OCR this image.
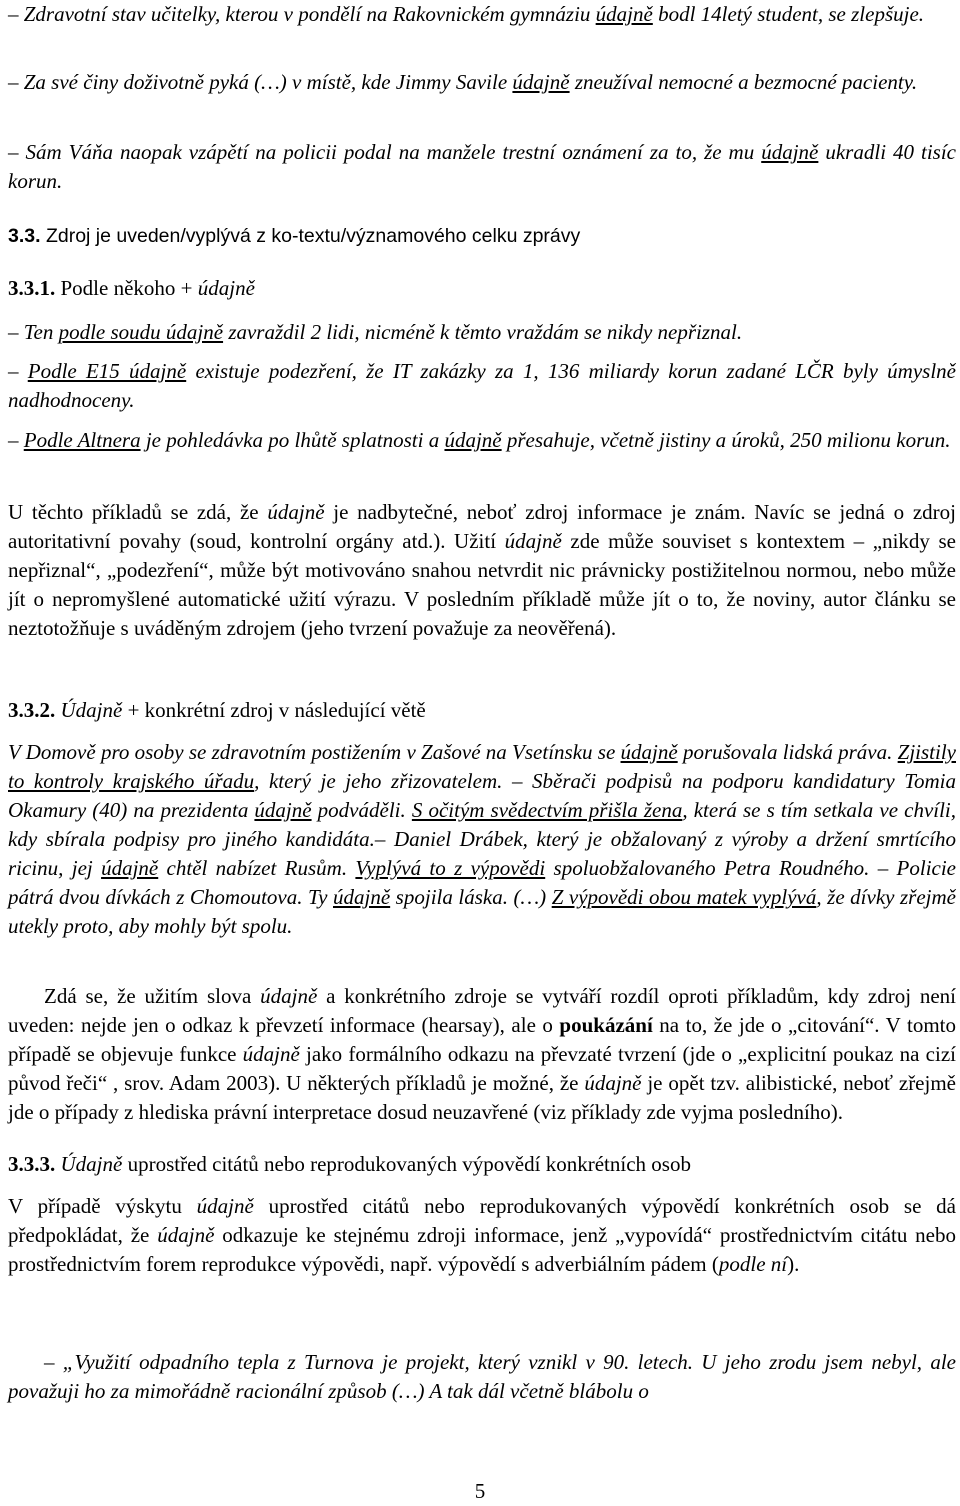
– Zdravotní stav učitelky, kterou v pondělí na Rakovnickém gymnáziu údajně bodl 14letý student, se zlepšuje.

– Za své činy doživotně pyká (…) v místě, kde Jimmy Savile údajně zneužíval nemocné a bezmocné pacienty.

– Sám Váňa naopak vzápětí na policii podal na manžele trestní oznámení za to, že mu údajně ukradli 40 tisíc korun.

3.3. Zdroj je uveden/vyplývá z ko-textu/významového celku zprávy

3.3.1. Podle někoho + údajně

– Ten podle soudu údajně zavraždil 2 lidi, nicméně k těmto vraždám se nikdy nepřiznal.

– Podle E15 údajně existuje podezření, že IT zakázky za 1, 136 miliardy korun zadané LČR byly úmyslně nadhodnoceny.

– Podle Altnera je pohledávka po lhůtě splatnosti a údajně přesahuje, včetně jistiny a úroků, 250 milionu korun.

U těchto příkladů se zdá, že údajně je nadbytečné, neboť zdroj informace je znám. Navíc se jedná o zdroj autoritativní povahy (soud, kontrolní orgány atd.). Užití údajně zde může souviset s kontextem – „nikdy se nepřiznal“, „podezření“, může být motivováno snahou netvrdit nic právnicky postižitelnou normou, nebo může jít o nepromyšlené automatické užití výrazu. V posledním příkladě může jít o to, že noviny, autor článku se neztotožňuje s uváděným zdrojem (jeho tvrzení považuje za neověřená).

3.3.2. Údajně + konkrétní zdroj v následující větě

V Domově pro osoby se zdravotním postižením v Zašové na Vsetínsku se údajně porušovala lidská práva. Zjistily to kontroly krajského úřadu, který je jeho zřizovatelem. – Sběrači podpisů na podporu kandidatury Tomia Okamury (40) na prezidenta údajně podváděli. S očitým svědectvím přišla žena, která se s tím setkala ve chvíli, kdy sbírala podpisy pro jiného kandidáta.– Daniel Drábek, který je obžalovaný z výroby a držení smrtícího ricinu, jej údajně chtěl nabízet Rusům. Vyplývá to z výpovědi spoluobžalovaného Petra Roudného. – Policie pátrá dvou dívkách z Chomoutova. Ty údajně spojila láska. (…) Z výpovědi obou matek vyplývá, že dívky zřejmě utekly proto, aby mohly být spolu.

Zdá se, že užitím slova údajně a konkrétního zdroje se vytváří rozdíl oproti příkladům, kdy zdroj není uveden: nejde jen o odkaz k převzetí informace (hearsay), ale o poukázání na to, že jde o „citování“. V tomto případě se objevuje funkce údajně jako formálního odkazu na převzaté tvrzení (jde o „explicitní poukaz na cizí původ řeči“ , srov. Adam 2003). U některých příkladů je možné, že údajně je opět tzv. alibistické, neboť zřejmě jde o případy z hlediska právní interpretace dosud neuzavřené (viz příklady zde vyjma posledního).

3.3.3. Údajně uprostřed citátů nebo reprodukovaných výpovědí konkrétních osob

V případě výskytu údajně uprostřed citátů nebo reprodukovaných výpovědí konkrétních osob se dá předpokládat, že údajně odkazuje ke stejnému zdroji informace, jenž „vypovídá“ prostřednictvím citátu nebo prostřednictvím forem reprodukce výpovědi, např. výpovědí s adverbiálním pádem (podle ní).

– „Využití odpadního tepla z Turnova je projekt, který vznikl v 90. letech. U jeho zrodu jsem nebyl, ale považuji ho za mimořádně racionální způsob (…) A tak dál včetně blábolu o

5
